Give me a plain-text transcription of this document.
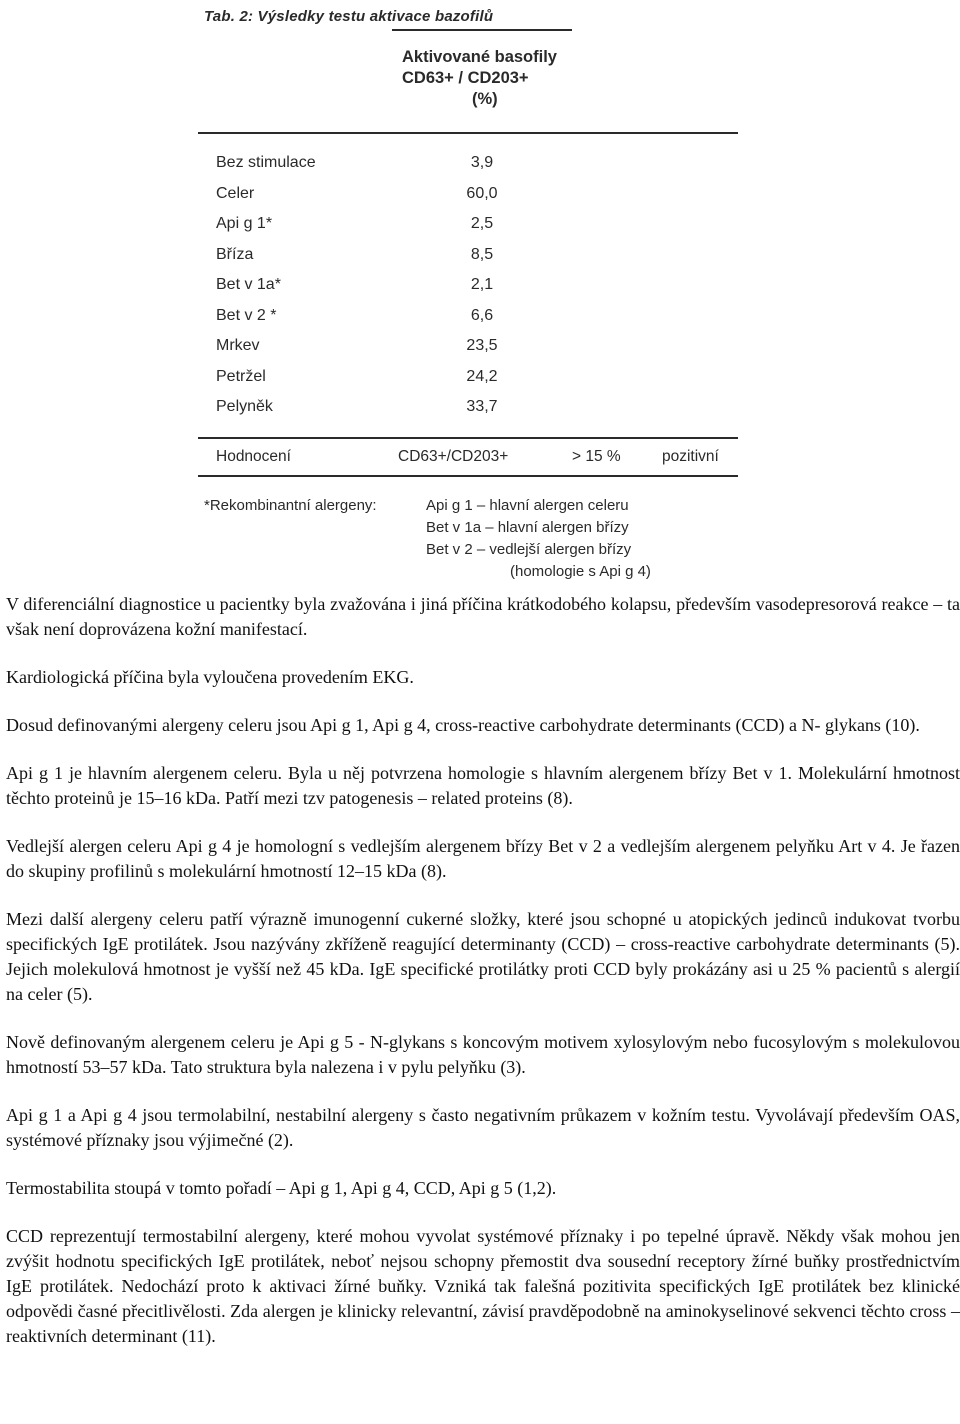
Tab. 2: Výsledky testu aktivace bazofilů

	Aktivované basofily
CD63+ / CD203+
(%)		

Bez stimulace	3,9		
Celer	60,0		
Api g 1*	2,5		
Bříza	8,5		
Bet v 1a*	2,1		
Bet v 2 *	6,6		
Mrkev	23,5		
Petržel	24,2		
Pelyněk	33,7		

Hodnocení	CD63+/CD203+	> 15 %	pozitivní

*Rekombinantní alergeny:	Api g 1 – hlavní alergen celeru
Bet v 1a – hlavní alergen břízy
Bet v 2 – vedlejší alergen břízy
(homologie s Api g 4)

V diferenciální diagnostice u pacientky byla zvažována i jiná příčina krátkodobého kolapsu, především vasodepresorová reakce – ta však není doprovázena kožní manifestací.

Kardiologická příčina byla vyloučena provedením EKG.

Dosud definovanými alergeny celeru jsou Api g 1, Api g 4, cross-reactive carbohydrate determinants (CCD) a N- glykans (10).

Api g 1 je hlavním alergenem celeru. Byla u něj potvrzena homologie s hlavním alergenem břízy Bet v 1. Molekulární hmotnost těchto proteinů je 15–16 kDa. Patří mezi tzv patogenesis – related proteins (8).

Vedlejší alergen celeru Api g 4 je homologní s vedlejším alergenem břízy Bet v 2 a vedlejším alergenem pelyňku Art v 4. Je řazen do skupiny profilinů s molekulární hmotností 12–15 kDa (8).

Mezi další alergeny celeru patří výrazně imunogenní cukerné složky, které jsou schopné u atopických jedinců indukovat tvorbu specifických IgE protilátek. Jsou nazývány zkříženě reagující determinanty (CCD) – cross-reactive carbohydrate determinants (5). Jejich molekulová hmotnost je vyšší než 45 kDa. IgE specifické protilátky proti CCD byly prokázány asi u 25 % pacientů s alergií na celer (5).

Nově definovaným alergenem celeru je Api g 5 - N-glykans s koncovým motivem xylosylovým nebo fucosylovým s molekulovou hmotností 53–57 kDa. Tato struktura byla nalezena i v pylu pelyňku (3).

Api g 1 a Api g 4 jsou termolabilní, nestabilní alergeny s často negativním průkazem v kožním testu. Vyvolávají především OAS, systémové příznaky jsou výjimečné (2).

Termostabilita stoupá v tomto pořadí – Api g 1, Api g 4, CCD, Api g 5 (1,2).

CCD reprezentují termostabilní alergeny, které mohou vyvolat systémové příznaky i po tepelné úpravě. Někdy však mohou jen zvýšit hodnotu specifických IgE protilátek, neboť nejsou schopny přemostit dva sousední receptory žírné buňky prostřednictvím IgE protilátek. Nedochází proto k aktivaci žírné buňky. Vzniká tak falešná pozitivita specifických IgE protilátek bez klinické odpovědi časné přecitlivělosti. Zda alergen je klinicky relevantní, závisí pravděpodobně na aminokyselinové sekvenci těchto cross – reaktivních determinant (11).
